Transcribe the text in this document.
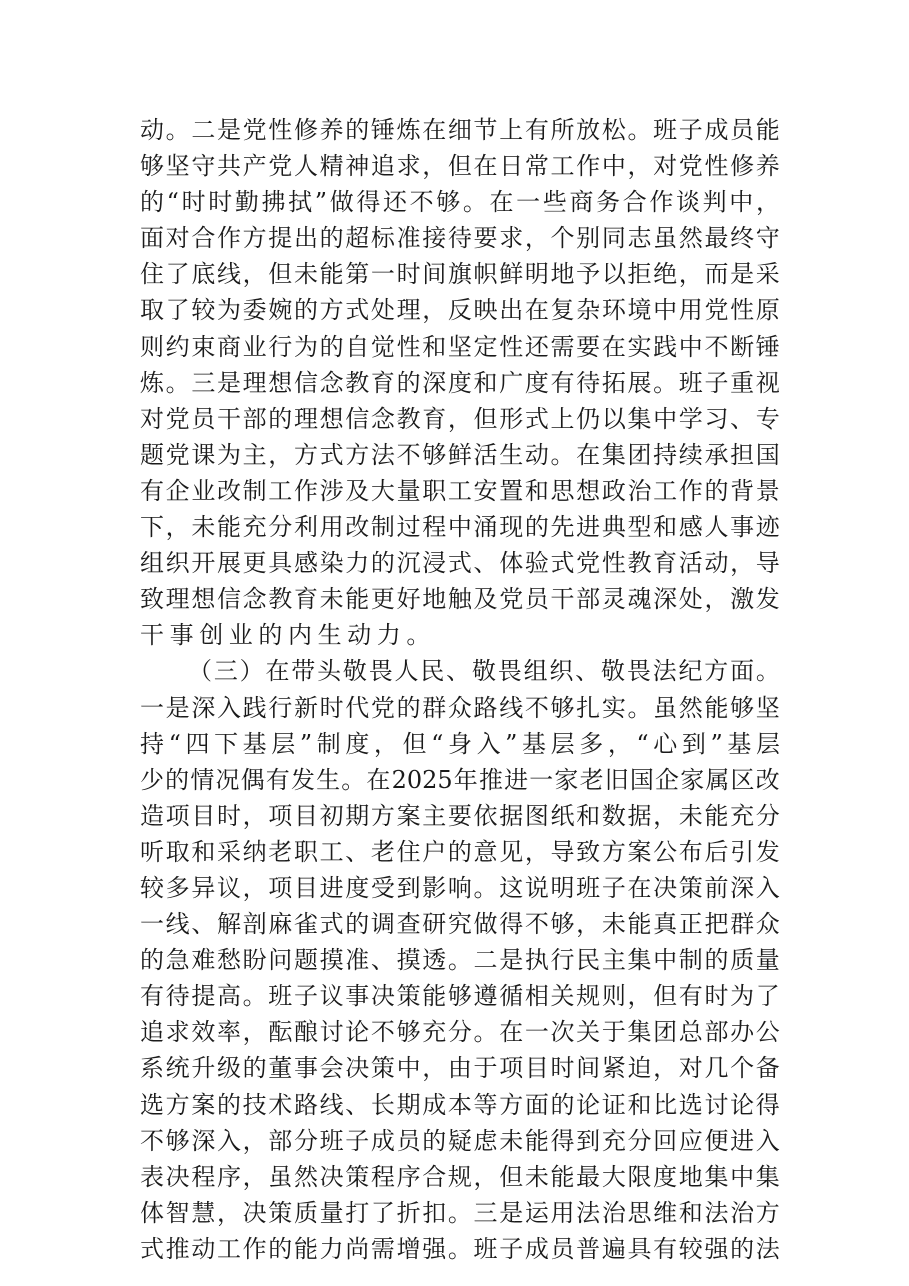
动 。 二 是 党 性 修 养 的 锤 炼 在 细 节 上 有 所 放 松 。 班 子 成 员 能
够 坚 守 共 产 党 人 精 神 追 求 ， 但 在 日 常 工 作 中 ， 对 党 性 修 养
的 “ 时 时 勤 拂 拭 ” 做 得 还 不 够 。 在 一 些 商 务 合 作 谈 判 中 ，
面 对 合 作 方 提 出 的 超 标 准 接 待 要 求 ， 个 别 同 志 虽 然 最 终 守
住 了 底 线 ， 但 未 能 第 一 时 间 旗 帜 鲜 明 地 予 以 拒 绝 ， 而 是 采
取 了 较 为 委 婉 的 方 式 处 理 ， 反 映 出 在 复 杂 环 境 中 用 党 性 原
则 约 束 商 业 行 为 的 自 觉 性 和 坚 定 性 还 需 要 在 实 践 中 不 断 锤
炼 。 三 是 理 想 信 念 教 育 的 深 度 和 广 度 有 待 拓 展 。 班 子 重 视
对 党 员 干 部 的 理 想 信 念 教 育 ， 但 形 式 上 仍 以 集 中 学 习 、 专
题 党 课 为 主 ， 方 式 方 法 不 够 鲜 活 生 动 。 在 集 团 持 续 承 担 国
有 企 业 改 制 工 作 涉 及 大 量 职 工 安 置 和 思 想 政 治 工 作 的 背 景
下 ， 未 能 充 分 利 用 改 制 过 程 中 涌 现 的 先 进 典 型 和 感 人 事 迹
组 织 开 展 更 具 感 染 力 的 沉 浸 式 、 体 验 式 党 性 教 育 活 动 ， 导
致 理 想 信 念 教 育 未 能 更 好 地 触 及 党 员 干 部 灵 魂 深 处 ， 激 发
干事创业的内生动力。
（ 三 ） 在 带 头 敬 畏 人 民 、 敬 畏 组 织 、 敬 畏 法 纪 方 面 。
一 是 深 入 践 行 新 时 代 党 的 群 众 路 线 不 够 扎 实 。 虽 然 能 够 坚
持 “ 四 下 基 层 ” 制 度 ， 但 “ 身 入 ” 基 层 多 ， “ 心 到 ” 基 层
少 的 情 况 偶 有 发 生 。 在 2025 年 推 进 一 家 老 旧 国 企 家 属 区 改
造 项 目 时 ， 项 目 初 期 方 案 主 要 依 据 图 纸 和 数 据 ， 未 能 充 分
听 取 和 采 纳 老 职 工 、 老 住 户 的 意 见 ， 导 致 方 案 公 布 后 引 发
较 多 异 议 ， 项 目 进 度 受 到 影 响 。 这 说 明 班 子 在 决 策 前 深 入
一 线 、 解 剖 麻 雀 式 的 调 查 研 究 做 得 不 够 ， 未 能 真 正 把 群 众
的 急 难 愁 盼 问 题 摸 准 、 摸 透 。 二 是 执 行 民 主 集 中 制 的 质 量
有 待 提 高 。 班 子 议 事 决 策 能 够 遵 循 相 关 规 则 ， 但 有 时 为 了
追 求 效 率 ， 酝 酿 讨 论 不 够 充 分 。 在 一 次 关 于 集 团 总 部 办 公
系 统 升 级 的 董 事 会 决 策 中 ， 由 于 项 目 时 间 紧 迫 ， 对 几 个 备
选 方 案 的 技 术 路 线 、 长 期 成 本 等 方 面 的 论 证 和 比 选 讨 论 得
不 够 深 入 ， 部 分 班 子 成 员 的 疑 虑 未 能 得 到 充 分 回 应 便 进 入
表 决 程 序 ， 虽 然 决 策 程 序 合 规 ， 但 未 能 最 大 限 度 地 集 中 集
体 智 慧 ， 决 策 质 量 打 了 折 扣 。 三 是 运 用 法 治 思 维 和 法 治 方
式 推 动 工 作 的 能 力 尚 需 增 强 。 班 子 成 员 普 遍 具 有 较 强 的 法
